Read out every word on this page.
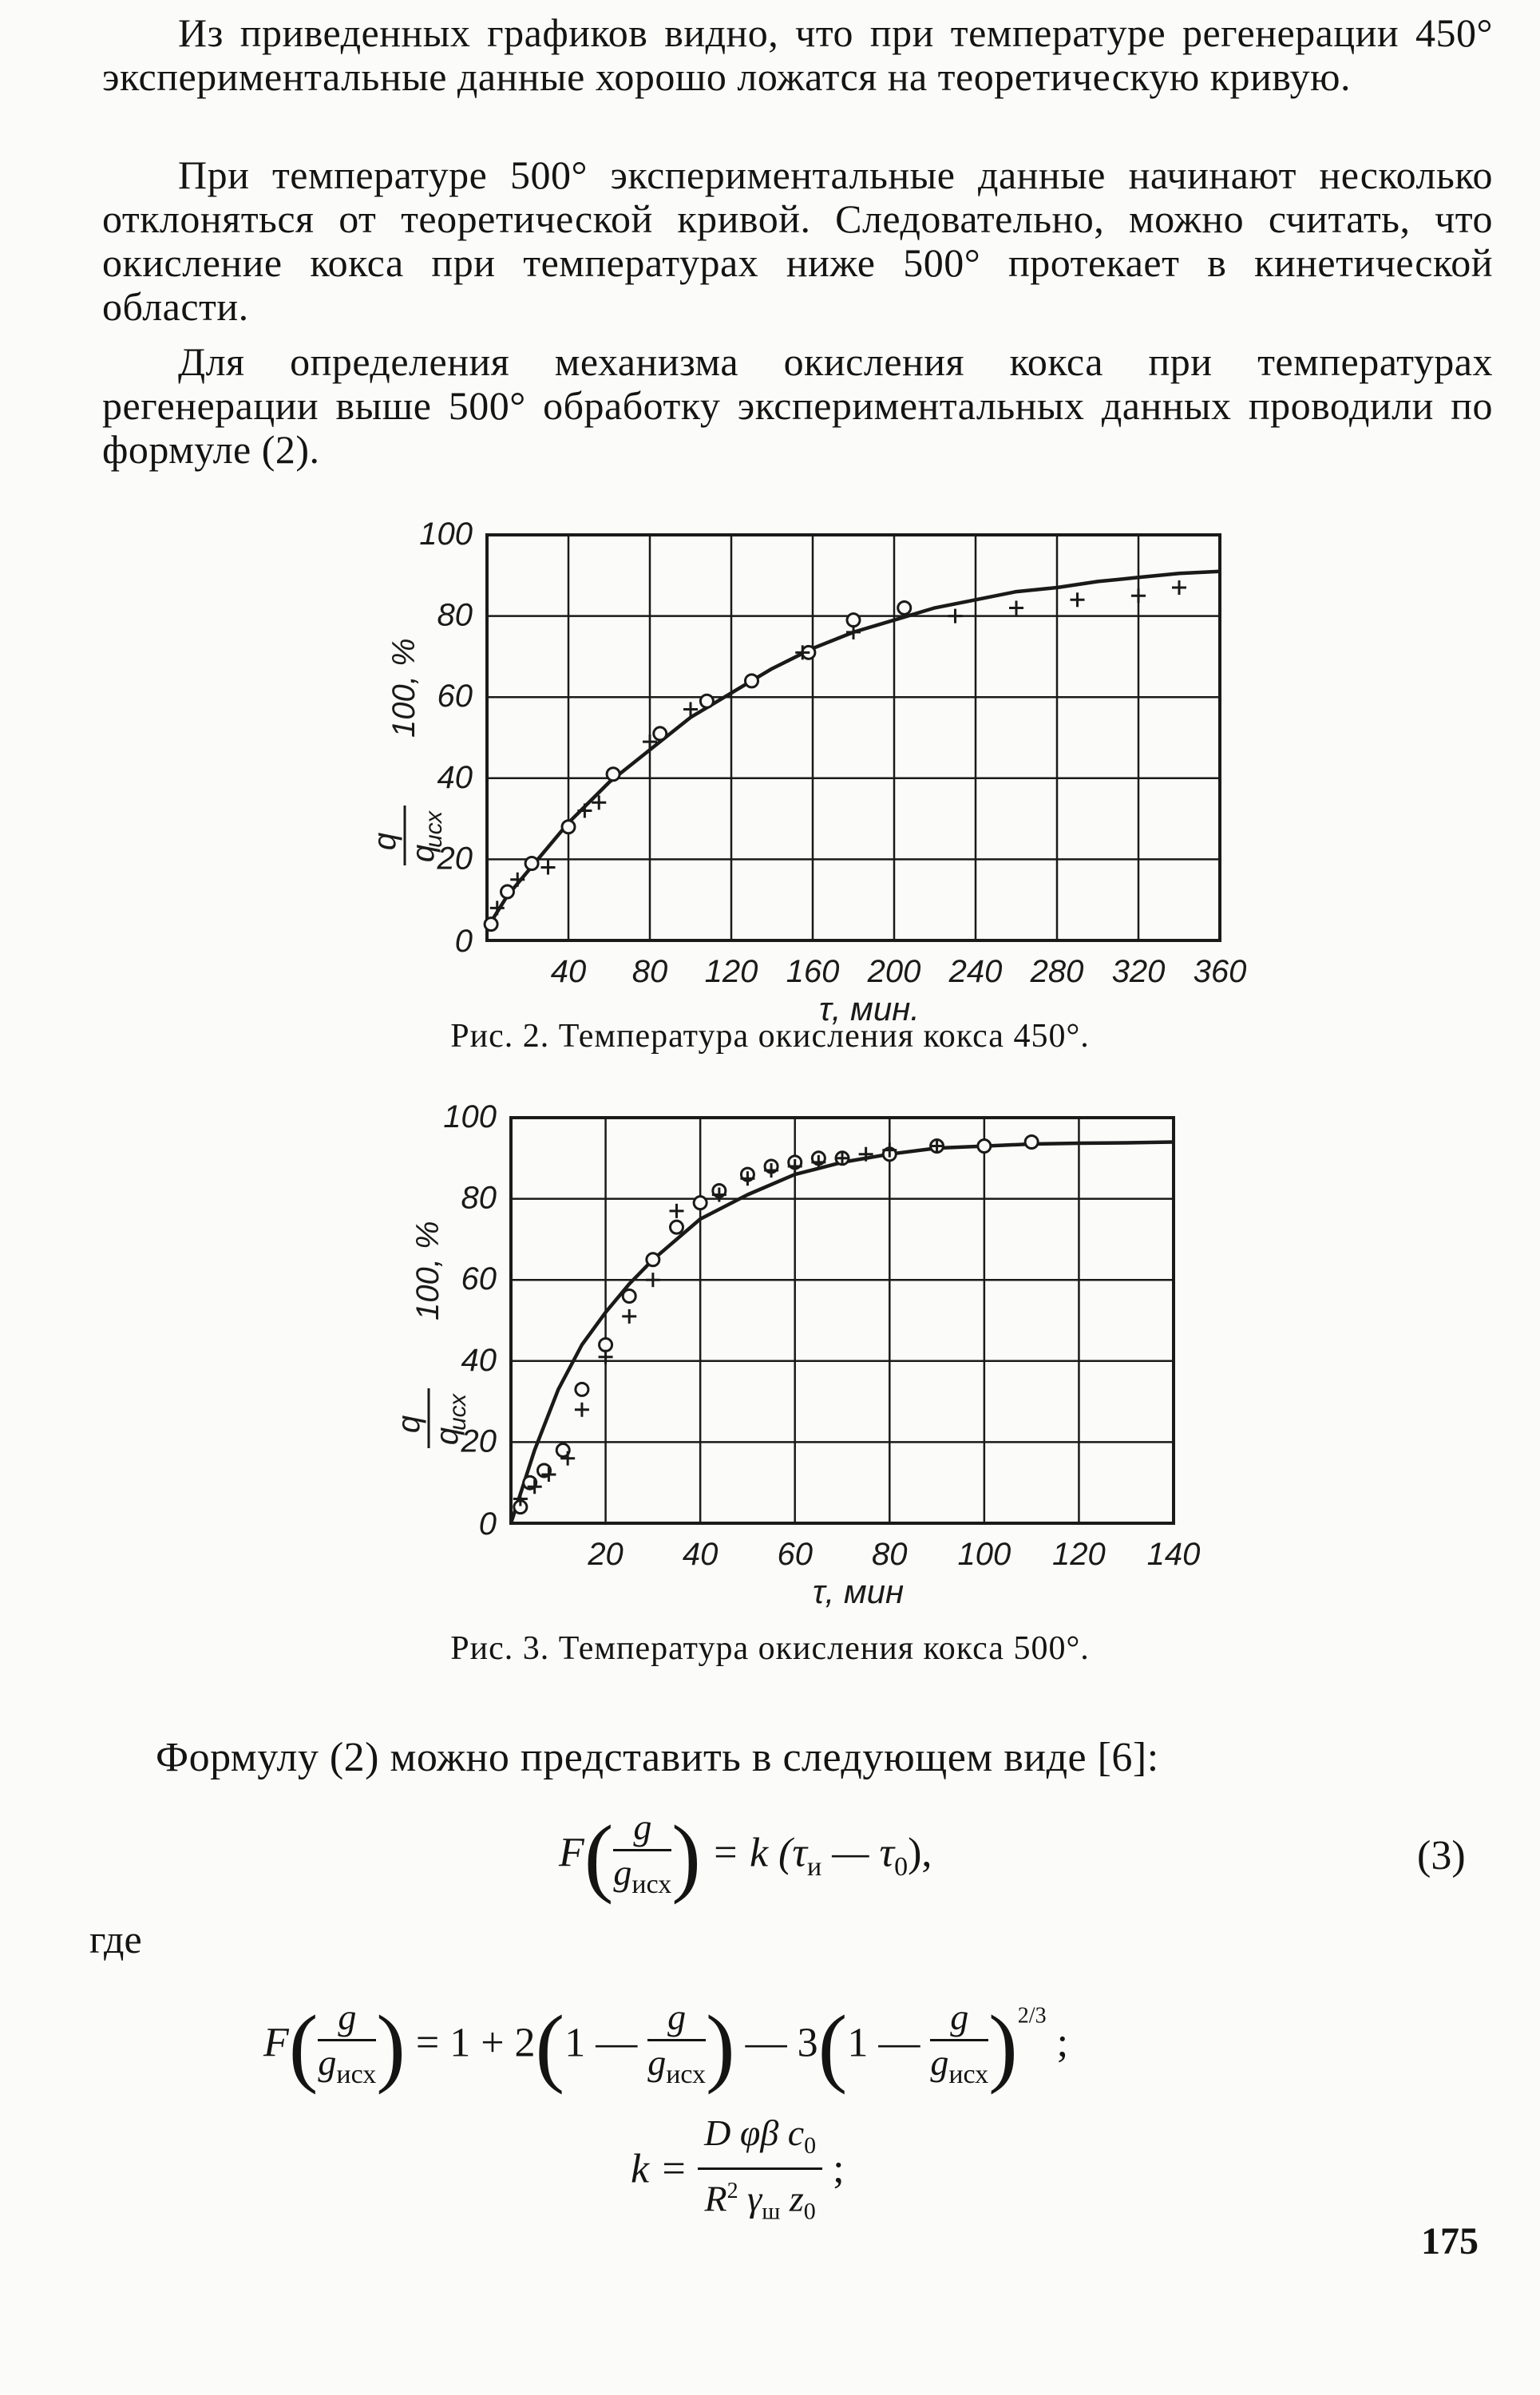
Из приведенных графиков видно, что при температуре регенерации 450° экспериментальные данные хорошо ложатся на теоретическую кривую.

При температуре 500° экспериментальные данные начинают несколько отклоняться от теоретической кривой. Следовательно, можно считать, что окисление кокса при температурах ниже 500° протекает в кинетической области.

Для определения механизма окисления кокса при температурах регенерации выше 500° обработку экспериментальных данных проводили по формуле (2).

40 80 120 160 200 240 280 320 360
0
20
40
60
80
100
τ, мин.
q
q
исх
100, %
Рис. 2. Температура окисления кокса 450°.
20 40 60 80 100 120 140
0
20
40
60
80
100
τ, мин
q
q
исх
100, %
Рис. 3. Температура окисления кокса 500°.
Формулу (2) можно представить в следующем виде [6]:
$F( \frac{g}{g_{исх}}$ ) = k ($\tau_и$ — $\tau_0$),	(3)
где
$F( \frac{g}{g_{исх}}$ ) = 1 + 2(1 — $\frac{g}{g_{исх}}$ ) — 3(1 — $\frac{g}{g_{исх}} )^{2/3}$ ;
$k = \frac{D \varphi\beta c_0}{R^2 \gamma_ш z_0}$ ;
175
